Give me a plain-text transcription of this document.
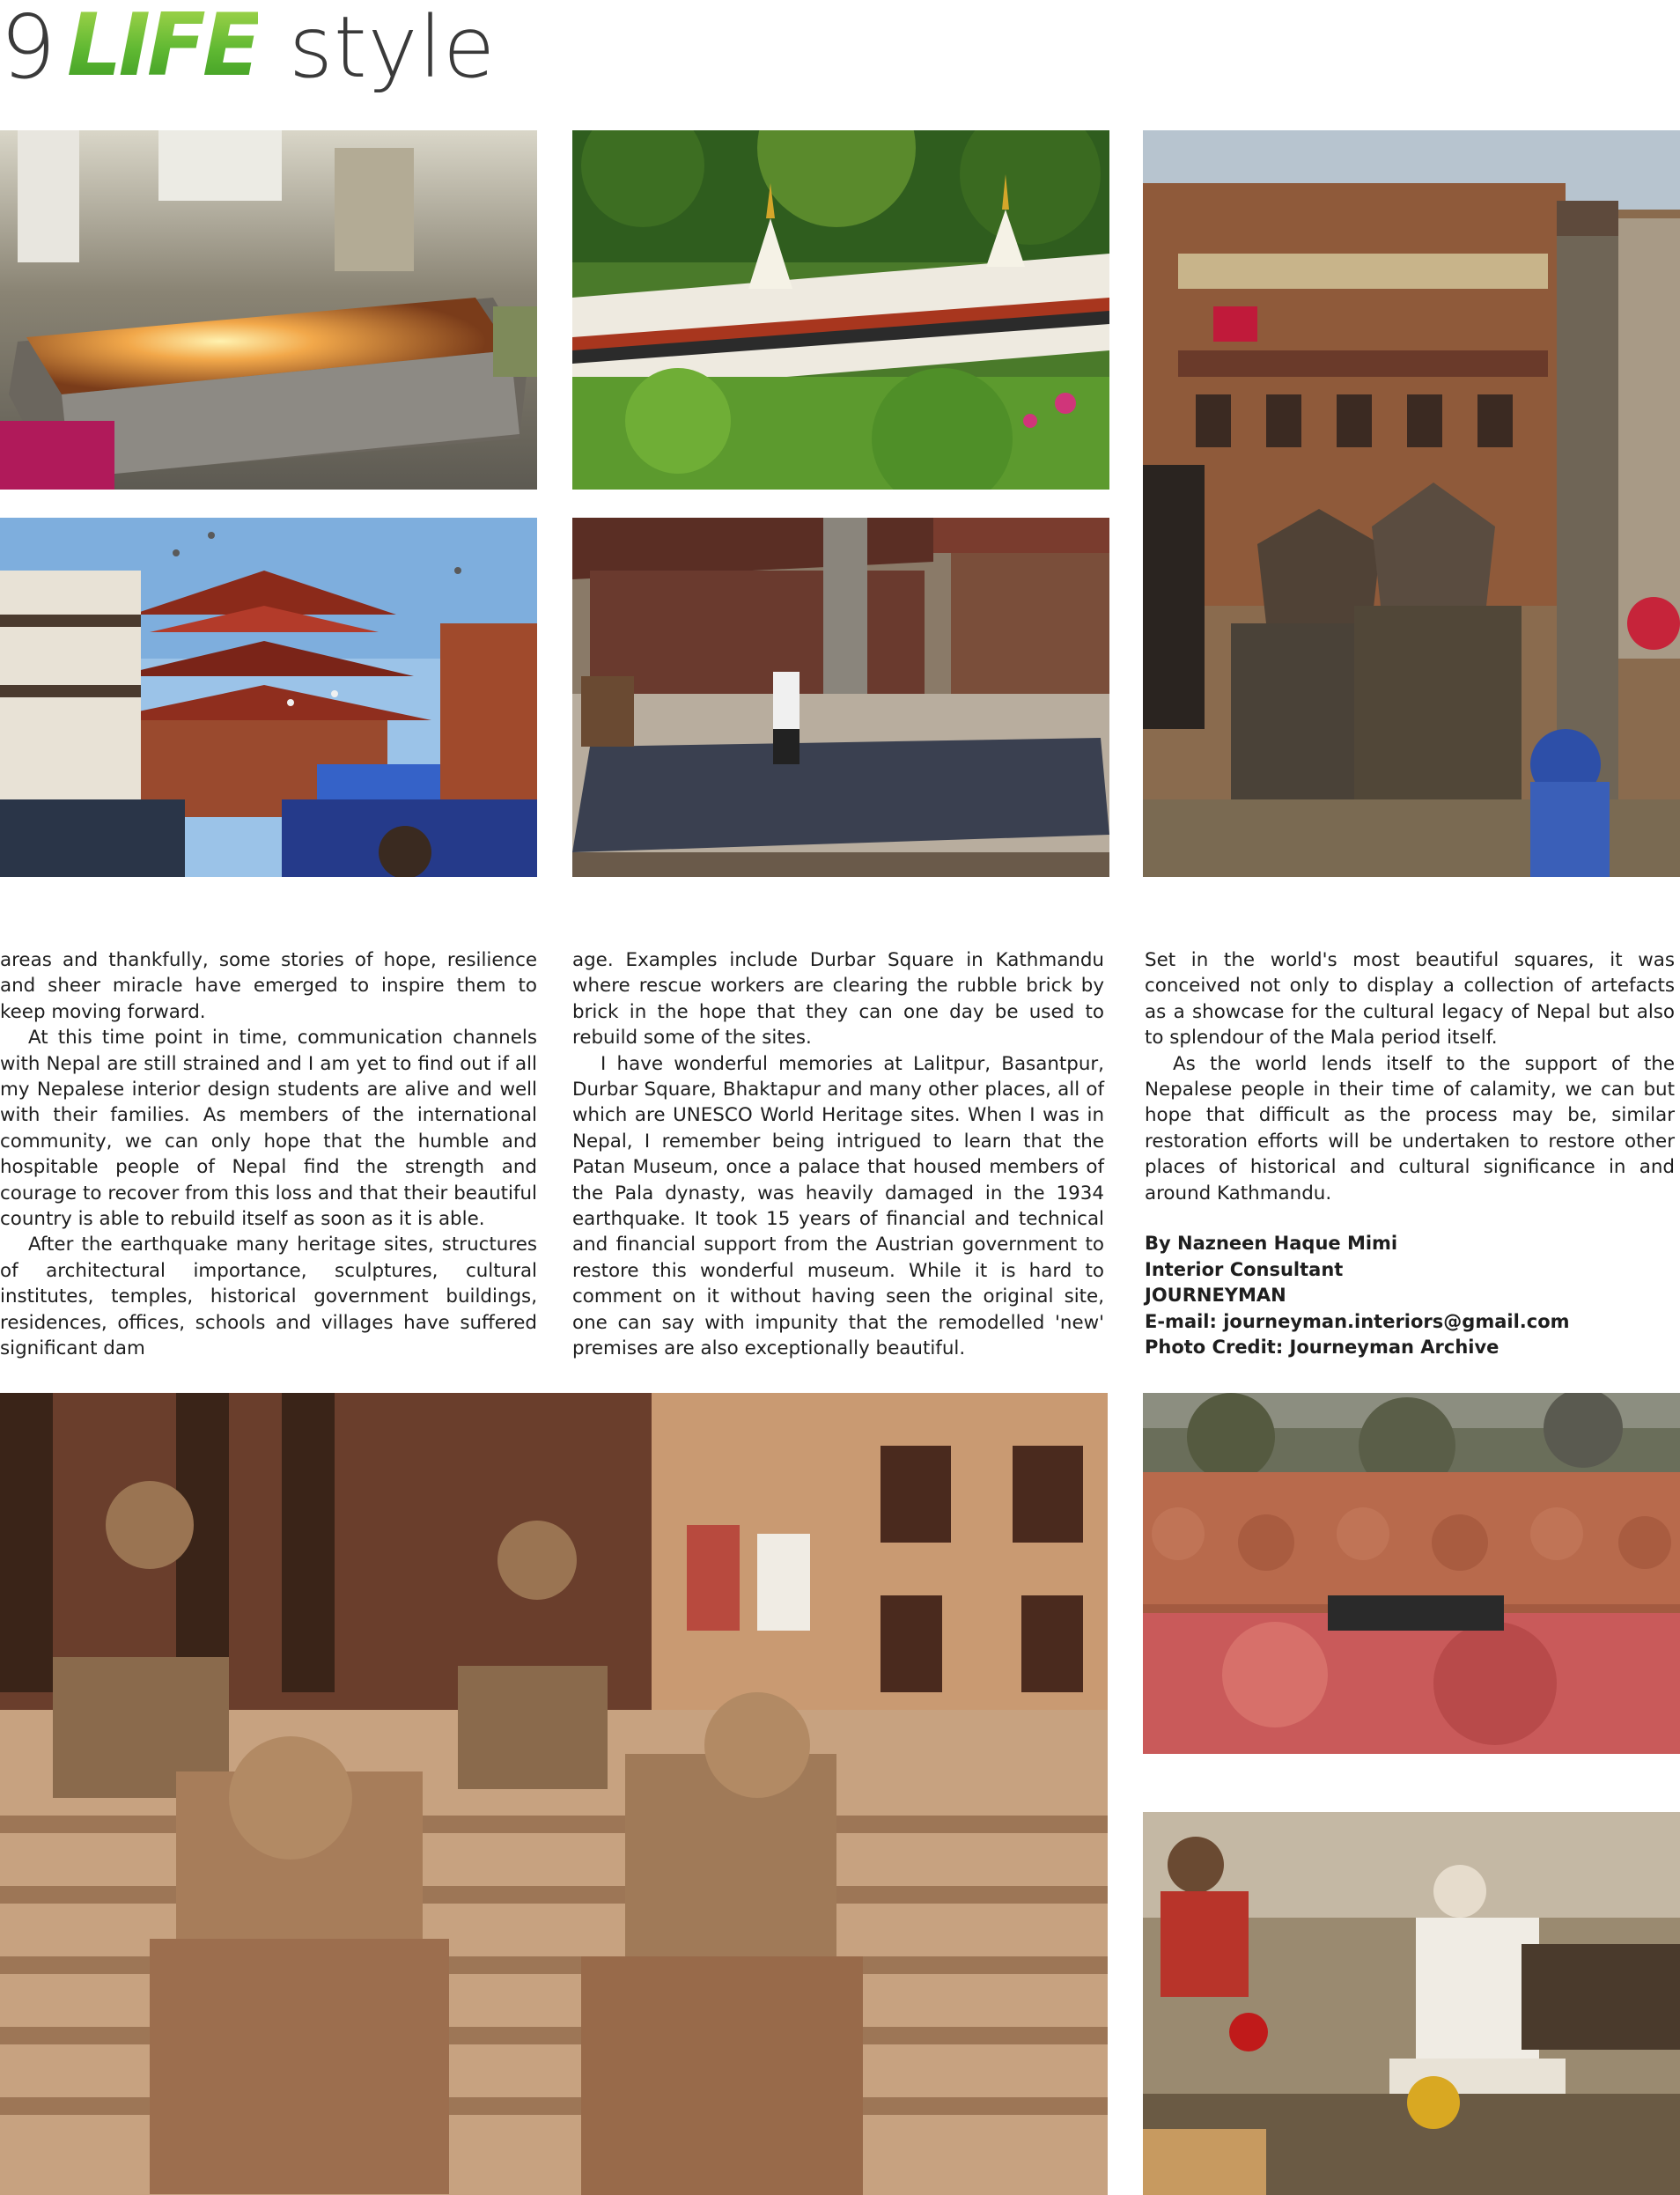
9 LIFE style

areas and thankfully, some stories of hope, resilience and sheer miracle have emerged to inspire them to keep moving forward.

At this time point in time, communication channels with Nepal are still strained and I am yet to find out if all my Nepalese interior design students are alive and well with their families. As members of the international community, we can only hope that the humble and hospitable people of Nepal find the strength and courage to recover from this loss and that their beautiful country is able to rebuild itself as soon as it is able.

After the earthquake many heritage sites, structures of architectural importance, sculptures, cultural institutes, temples, historical government buildings, residences, offices, schools and villages have suffered significant dam

age. Examples include Durbar Square in Kathmandu where rescue workers are clearing the rubble brick by brick in the hope that they can one day be used to rebuild some of the sites.

I have wonderful memories at Lalitpur, Basantpur, Durbar Square, Bhaktapur and many other places, all of which are UNESCO World Heritage sites. When I was in Nepal, I remember being intrigued to learn that the Patan Museum, once a palace that housed members of the Pala dynasty, was heavily damaged in the 1934 earthquake. It took 15 years of financial and technical and financial support from the Austrian government to restore this wonderful museum. While it is hard to comment on it without having seen the original site, one can say with impunity that the remodelled 'new' premises are also exceptionally beautiful.

Set in the world's most beautiful squares, it was conceived not only to display a collection of artefacts as a showcase for the cultural legacy of Nepal but also to splendour of the Mala period itself.

As the world lends itself to the support of the Nepalese people in their time of calamity, we can but hope that difficult as the process may be, similar restoration efforts will be undertaken to restore other places of historical and cultural significance in and around Kathmandu.

By Nazneen Haque Mimi
Interior Consultant
JOURNEYMAN
E-mail: journeyman.interiors@gmail.com
Photo Credit: Journeyman Archive
